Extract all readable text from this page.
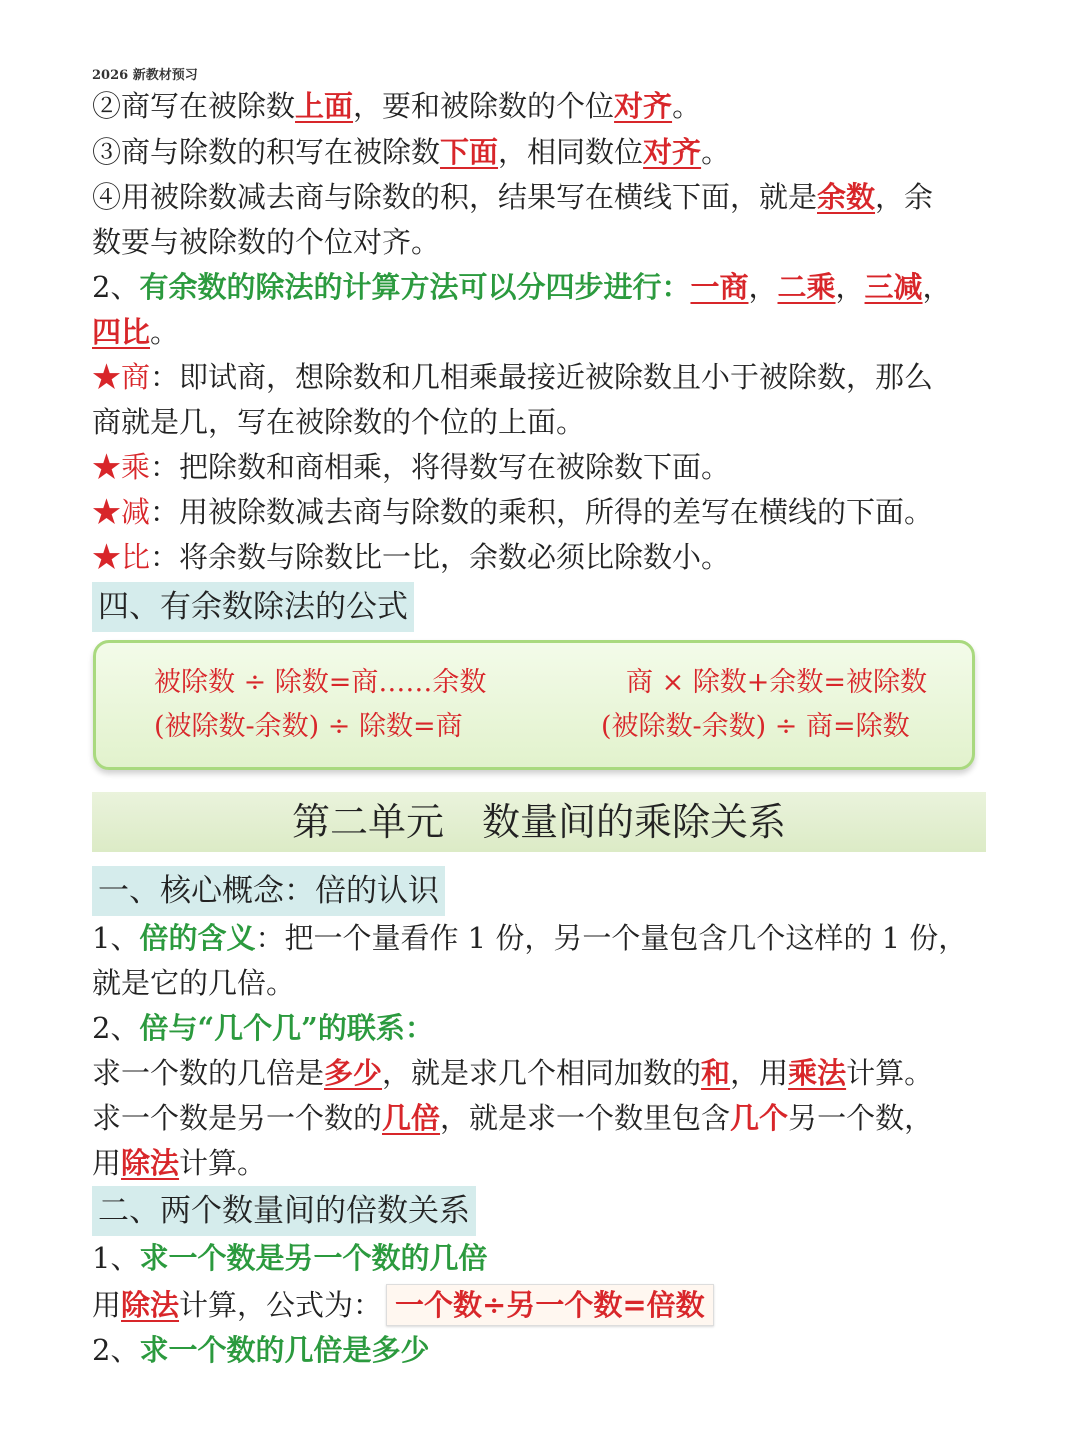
2026 新教材预习
②商写在被除数上面，要和被除数的个位对齐。
③商与除数的积写在被除数下面，相同数位对齐。
④用被除数减去商与除数的积，结果写在横线下面，就是余数，余
数要与被除数的个位对齐。
2、有余数的除法的计算方法可以分四步进行：一商，二乘，三减，
四比。
★商：即试商，想除数和几相乘最接近被除数且小于被除数，那么
商就是几，写在被除数的个位的上面。
★乘：把除数和商相乘，将得数写在被除数下面。
★减：用被除数减去商与除数的乘积，所得的差写在横线的下面。
★比：将余数与除数比一比，余数必须比除数小。
四、有余数除法的公式
被除数 ÷ 除数=商……余数	商 × 除数+余数=被除数
(被除数-余数) ÷ 除数=商	(被除数-余数) ÷ 商=除数
第二单元　数量间的乘除关系
一、核心概念：倍的认识
1、倍的含义：把一个量看作 1 份，另一个量包含几个这样的 1 份，
就是它的几倍。
2、倍与“几个几”的联系：
求一个数的几倍是多少，就是求几个相同加数的和，用乘法计算。
求一个数是另一个数的几倍，就是求一个数里包含几个另一个数，
用除法计算。
二、两个数量间的倍数关系
1、求一个数是另一个数的几倍
用除法计算，公式为： 一个数÷另一个数=倍数
2、求一个数的几倍是多少
